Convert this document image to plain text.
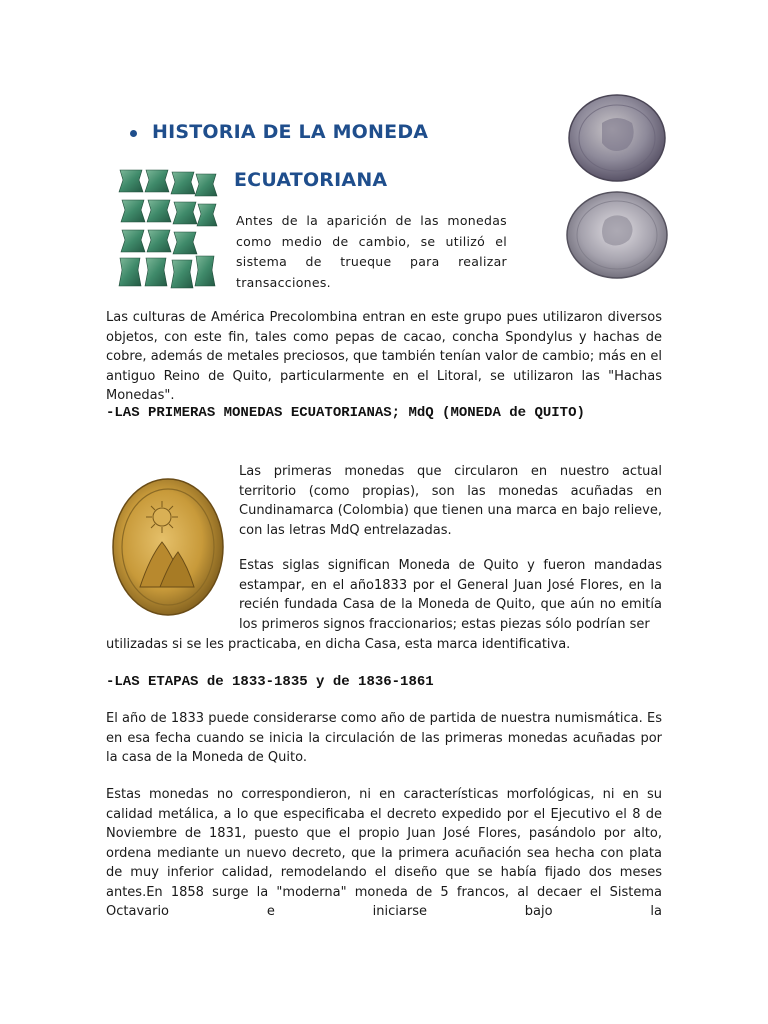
HISTORIA DE LA MONEDA
ECUATORIANA
Antes de la aparición de las monedas como medio de cambio, se utilizó el sistema de trueque para realizar transacciones.
Las culturas de América Precolombina entran en este grupo pues utilizaron diversos objetos, con este fin, tales como pepas de cacao, concha Spondylus y hachas de cobre, además de metales preciosos, que también tenían valor de cambio; más en el antiguo Reino de Quito, particularmente en el Litoral, se utilizaron las "Hachas Monedas".
-LAS PRIMERAS MONEDAS ECUATORIANAS; MdQ (MONEDA de QUITO)
Las primeras monedas que circularon en nuestro actual territorio (como propias), son las monedas acuñadas en Cundinamarca (Colombia) que tienen una marca en bajo relieve, con las letras MdQ entrelazadas.
Estas siglas significan Moneda de Quito y fueron mandadas estampar, en el año1833 por el General Juan José Flores, en la recién fundada Casa de la Moneda de Quito, que aún no emitía los primeros signos fraccionarios; estas piezas sólo podrían ser
utilizadas si se les practicaba, en dicha Casa, esta marca identificativa.
-LAS ETAPAS de 1833-1835 y de 1836-1861
El año de 1833 puede considerarse como año de partida de nuestra numismática. Es en esa fecha cuando se inicia la circulación de las primeras monedas acuñadas por la casa de la Moneda de Quito.
Estas monedas no correspondieron, ni en características morfológicas, ni en su calidad metálica, a lo que especificaba el decreto expedido por el Ejecutivo el 8 de Noviembre de 1831, puesto que el propio Juan José Flores, pasándolo por alto, ordena mediante un nuevo decreto, que la primera acuñación sea hecha con plata de muy inferior calidad, remodelando el diseño que se había fijado dos meses antes.En 1858 surge la "moderna" moneda de 5 francos, al decaer el Sistema Octavario e iniciarse bajo la
